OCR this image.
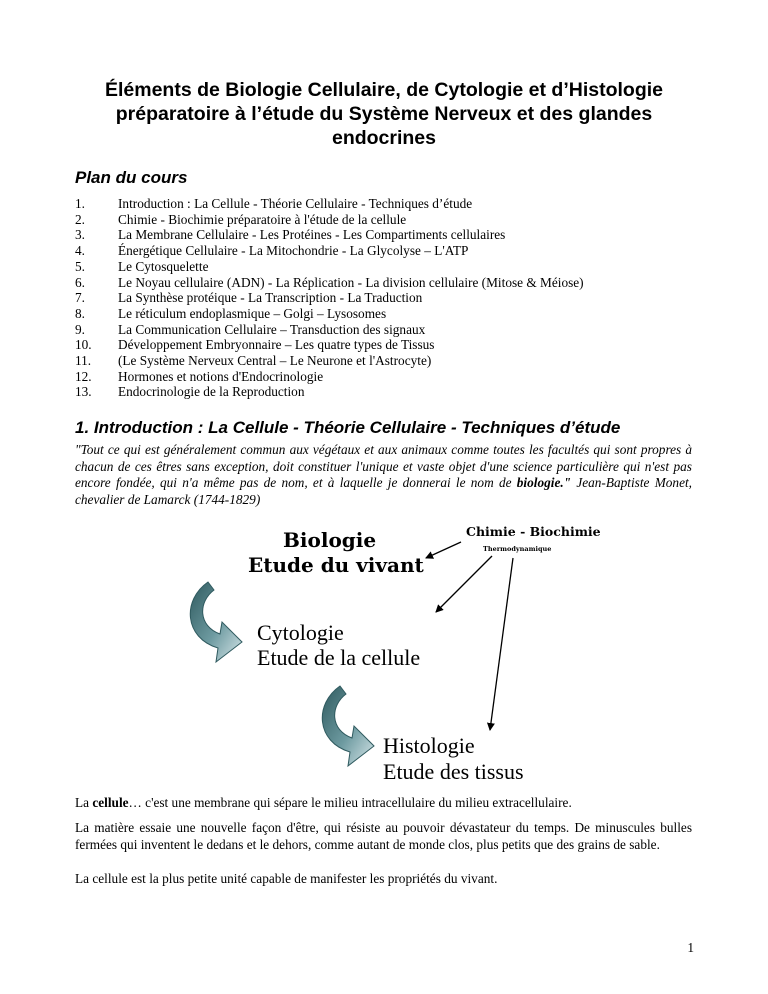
Éléments de Biologie Cellulaire, de Cytologie et d’Histologie
préparatoire à l’étude du Système Nerveux et des glandes
endocrines
Plan du cours
1.	Introduction : La Cellule - Théorie Cellulaire - Techniques d’étude
2.	Chimie - Biochimie préparatoire à l'étude de la cellule
3.	La Membrane Cellulaire - Les Protéines - Les Compartiments cellulaires
4.	Énergétique Cellulaire - La Mitochondrie - La Glycolyse – L'ATP
5.	Le Cytosquelette
6.	Le Noyau cellulaire (ADN) - La Réplication - La division cellulaire (Mitose & Méiose)
7.	La Synthèse protéique - La Transcription - La Traduction
8.	Le réticulum endoplasmique – Golgi – Lysosomes
9.	La Communication Cellulaire – Transduction des signaux
10.	Développement Embryonnaire – Les quatre types de Tissus
11.	(Le Système Nerveux Central – Le Neurone et l'Astrocyte)
12.	Hormones et notions d'Endocrinologie
13.	Endocrinologie de la Reproduction
1. Introduction : La Cellule - Théorie Cellulaire - Techniques d’étude

"Tout ce qui est généralement commun aux végétaux et aux animaux comme toutes les facultés qui sont propres à chacun de ces êtres sans exception, doit constituer l'unique et vaste objet d'une science particulière qui n'est pas encore fondée, qui n'a même pas de nom, et à laquelle je donnerai le nom de biologie." Jean-Baptiste Monet, chevalier de Lamarck (1744-1829)

Biologie
Etude du vivant
Chimie - Biochimie
Thermodynamique
Cytologie
Etude de la cellule
Histologie
Etude des tissus

La cellule… c'est une membrane qui sépare le milieu intracellulaire du milieu extracellulaire.

La matière essaie une nouvelle façon d'être, qui résiste au pouvoir dévastateur du temps. De minuscules bulles fermées qui inventent le dedans et le dehors, comme autant de monde clos, plus petits que des grains de sable.

La cellule est la plus petite unité capable de manifester les propriétés du vivant.

1
